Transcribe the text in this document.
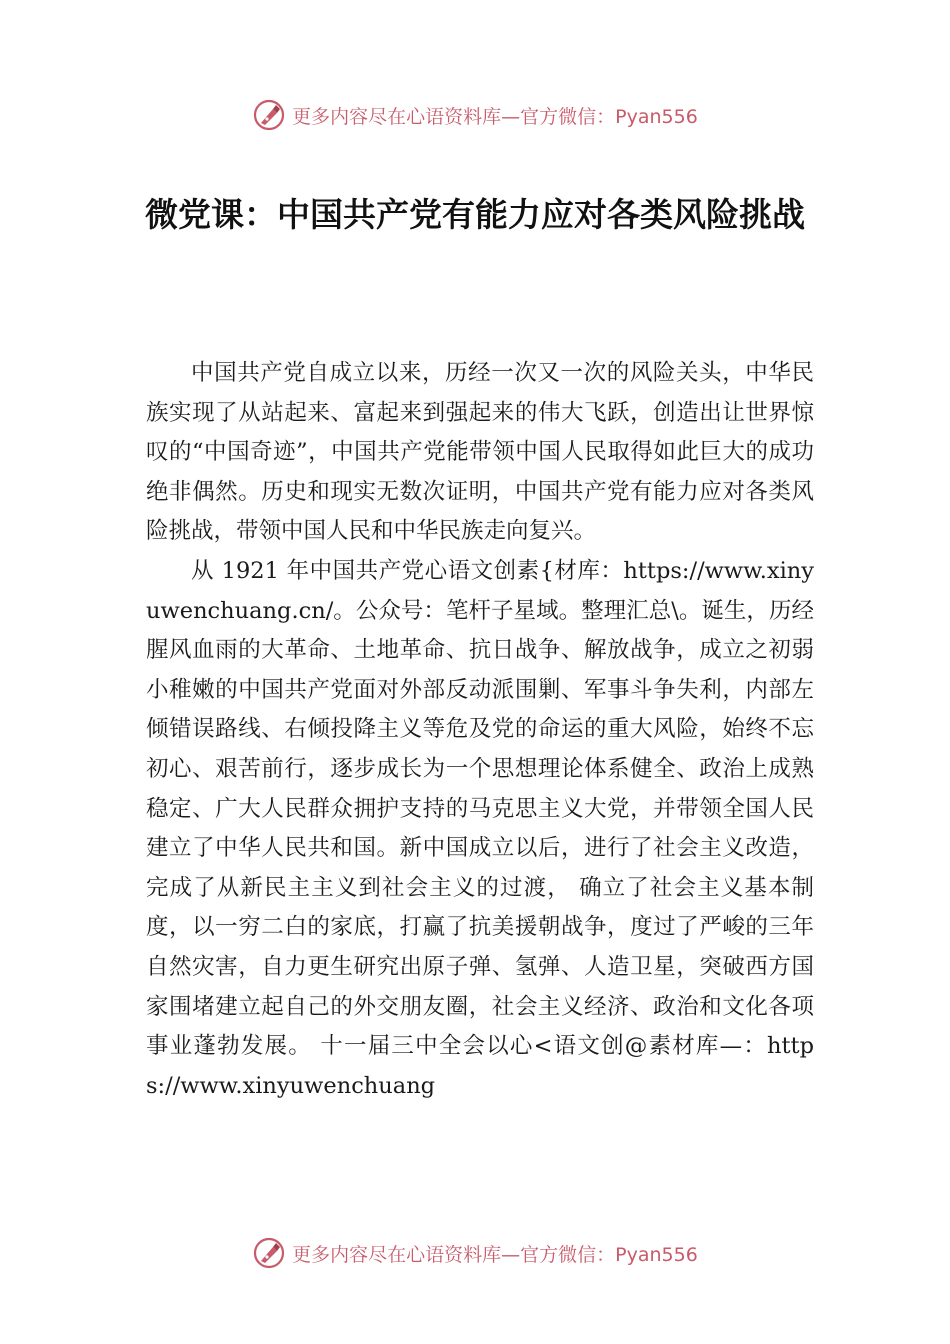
更多内容尽在心语资料库—官方微信：Pyan556
微党课：中国共产党有能力应对各类风险挑战

中国共产党自成立以来，历经一次又一次的风险关头，中华民族实现了从站起来、富起来到强起来的伟大飞跃，创造出让世界惊叹的“中国奇迹”，中国共产党能带领中国人民取得如此巨大的成功绝非偶然。历史和现实无数次证明，中国共产党有能力应对各类风险挑战，带领中国人民和中华民族走向复兴。

从 1921 年中国共产党心语文创素{材库：https://www.xinyuwenchuang.cn/。公众号：笔杆子星域。整理汇总\。诞生，历经腥风血雨的大革命、土地革命、抗日战争、解放战争，成立之初弱小稚嫩的中国共产党面对外部反动派围剿、军事斗争失利，内部左倾错误路线、右倾投降主义等危及党的命运的重大风险，始终不忘初心、艰苦前行，逐步成长为一个思想理论体系健全、政治上成熟稳定、广大人民群众拥护支持的马克思主义大党，并带领全国人民建立了中华人民共和国。新中国成立以后，进行了社会主义改造，完成了从新民主主义到社会主义的过渡， 确立了社会主义基本制度，以一穷二白的家底，打赢了抗美援朝战争，度过了严峻的三年自然灾害，自力更生研究出原子弹、氢弹、人造卫星，突破西方国家围堵建立起自己的外交朋友圈，社会主义经济、政治和文化各项事业蓬勃发展。 十一届三中全会以心<语文创@素材库—：https://www.xinyuwenchuang

更多内容尽在心语资料库—官方微信：Pyan556
